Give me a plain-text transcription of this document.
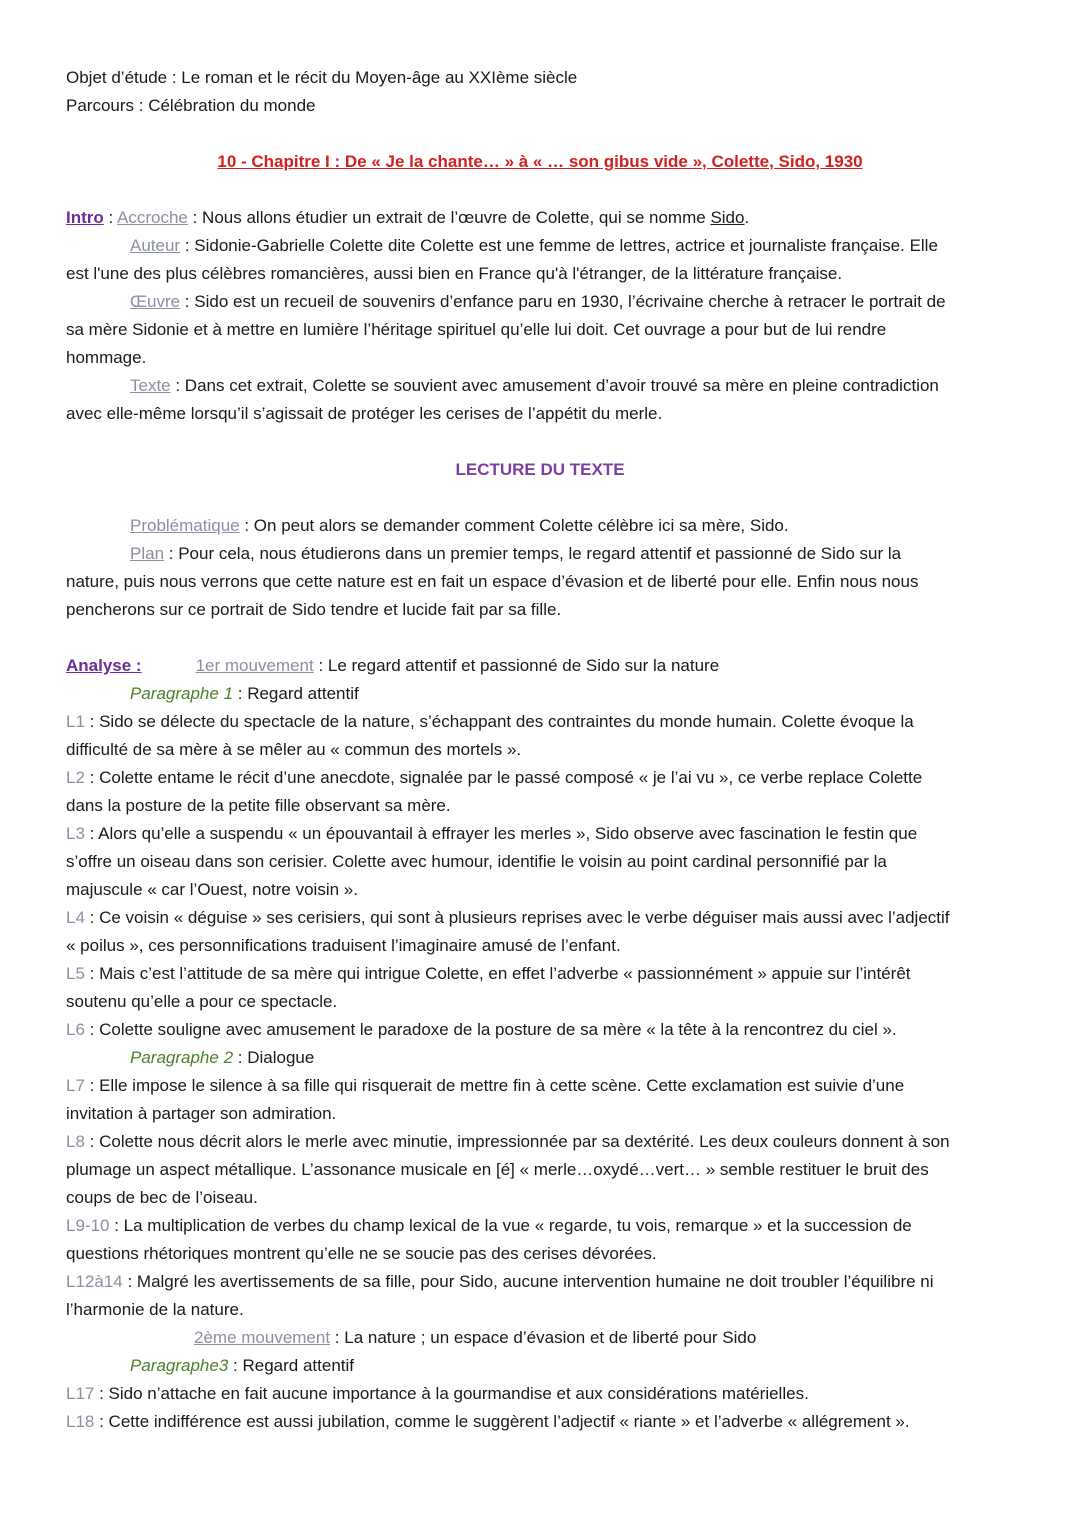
Objet d’étude : Le roman et le récit du Moyen-âge au XXIème siècle

Parcours : Célébration du monde

10 - Chapitre I : De « Je la chante… » à « … son gibus vide », Colette, Sido, 1930

Intro : Accroche : Nous allons étudier un extrait de l’œuvre de Colette, qui se nomme Sido.

Auteur : Sidonie-Gabrielle Colette dite Colette est une femme de lettres, actrice et journaliste française. Elle

est l'une des plus célèbres romancières, aussi bien en France qu'à l'étranger, de la littérature française.

Œuvre : Sido est un recueil de souvenirs d’enfance paru en 1930, l’écrivaine cherche à retracer le portrait de

sa mère Sidonie et à mettre en lumière l’héritage spirituel qu’elle lui doit. Cet ouvrage a pour but de lui rendre

hommage.

Texte : Dans cet extrait, Colette se souvient avec amusement d’avoir trouvé sa mère en pleine contradiction

avec elle-même lorsqu’il s’agissait de protéger les cerises de l’appétit du merle.

LECTURE DU TEXTE

Problématique : On peut alors se demander comment Colette célèbre ici sa mère, Sido.

Plan : Pour cela, nous étudierons dans un premier temps, le regard attentif et passionné de Sido sur la

nature, puis nous verrons que cette nature est en fait un espace d’évasion et de liberté pour elle. Enfin nous nous

pencherons sur ce portrait de Sido tendre et lucide fait par sa fille.

Analyse :	1er mouvement : Le regard attentif et passionné de Sido sur la nature

Paragraphe 1 : Regard attentif

L1 : Sido se délecte du spectacle de la nature, s’échappant des contraintes du monde humain. Colette évoque la

difficulté de sa mère à se mêler au « commun des mortels ».

L2 : Colette entame le récit d’une anecdote, signalée par le passé composé « je l’ai vu », ce verbe replace Colette

dans la posture de la petite fille observant sa mère.

L3 : Alors qu’elle a suspendu « un épouvantail à effrayer les merles », Sido observe avec fascination le festin que

s’offre un oiseau dans son cerisier. Colette avec humour, identifie le voisin au point cardinal personnifié par la

majuscule « car l’Ouest, notre voisin ».

L4 : Ce voisin « déguise » ses cerisiers, qui sont à plusieurs reprises avec le verbe déguiser mais aussi avec l’adjectif

« poilus », ces personnifications traduisent l’imaginaire amusé de l’enfant.

L5 : Mais c’est l’attitude de sa mère qui intrigue Colette, en effet l’adverbe « passionnément » appuie sur l’intérêt

soutenu qu’elle a pour ce spectacle.

L6 : Colette souligne avec amusement le paradoxe de la posture de sa mère « la tête à la rencontrez du ciel ».

Paragraphe 2 : Dialogue

L7 : Elle impose le silence à sa fille qui risquerait de mettre fin à cette scène. Cette exclamation est suivie d’une

invitation à partager son admiration.

L8 : Colette nous décrit alors le merle avec minutie, impressionnée par sa dextérité. Les deux couleurs donnent à son

plumage un aspect métallique. L’assonance musicale en [é] « merle…oxydé…vert… » semble restituer le bruit des

coups de bec de l’oiseau.

L9-10 : La multiplication de verbes du champ lexical de la vue « regarde, tu vois, remarque » et la succession de

questions rhétoriques montrent qu’elle ne se soucie pas des cerises dévorées.

L12à14 : Malgré les avertissements de sa fille, pour Sido, aucune intervention humaine ne doit troubler l’équilibre ni

l’harmonie de la nature.

2ème mouvement : La nature ; un espace d’évasion et de liberté pour Sido

Paragraphe3 : Regard attentif

L17 : Sido n’attache en fait aucune importance à la gourmandise et aux considérations matérielles.

L18 : Cette indifférence est aussi jubilation, comme le suggèrent l’adjectif « riante » et l’adverbe « allégrement ».
